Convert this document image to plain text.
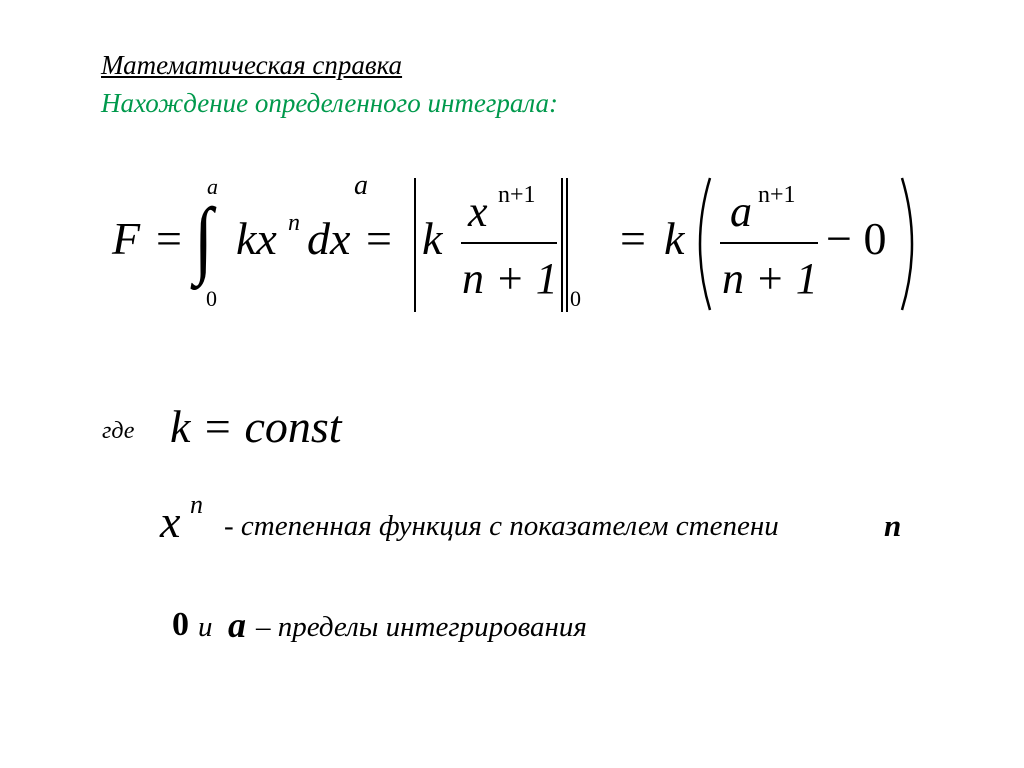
Математическая справка
Нахождение определенного интеграла:
F = ∫
a
0
kx n dx =
a
k
x n+1
n + 1 0
= k
a n+1
n + 1
− 0
где k = const
x n
- степенная функция с показателем степени	n
0 и a – пределы интегрирования
